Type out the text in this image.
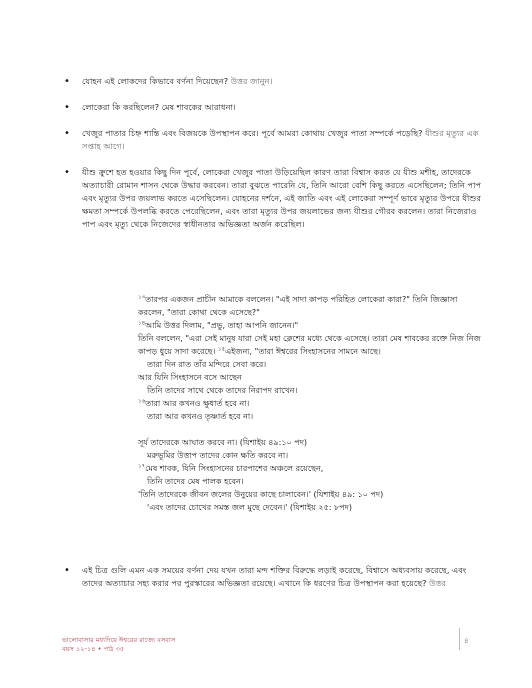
• যোহন এই লোকদের কিভাবে বর্ণনা দিয়েছেন? উত্তর জানুন।
• লোকেরা কি করছিলেন? মেষ শাবকের আরাধনা।
• খেজুর পাতার চিহ্ন শান্তি এবং বিজয়কে উপস্থাপন করে। পূর্বে আমরা কোথায় খেজুর পাতা সম্পর্কে পড়েছি? যীশুর মৃত্যুর এক সপ্তাহ আগে।
• যীশু ক্রুশে হত হওয়ার কিছু দিন পূর্বে, লোকেরা খেজুর পাতা উড়িয়েছিল কারণ তারা বিশ্বাস করত যে যীশু মশীহ, তাদেরকে অত্যাচারী রোমান শাসন থেকে উদ্ধার করবেন। তারা বুঝতে পারেনি যে, তিনি আরো বেশি কিছু করতে এসেছিলেন; তিনি পাপ এবং মৃত্যুর উপর জয়লাভ করতে এসেছিলেন। যোহনের দর্শনে, এই জাতি এবং এই লোকেরা সম্পূর্ণ ভাবে মৃত্যুর উপরে যীশুর ক্ষমতা সম্পর্কে উপলব্ধি করতে পেরেছিলেন, এবং তারা মৃত্যুর উপর জয়লাভের জন্য যীশুর গৌরব করলেন। তারা নিজেরাও পাপ এবং মৃত্যু থেকে নিজেদের স্বাধীনতার অভিজ্ঞতা অর্জন করেছিল।

$^{১৩}$তারপর একজন প্রাচীন আমাকে বললেন। "এই সাদা কাপড় পরিহিত লোকেরা কারা?" তিনি জিজ্ঞাসা করলেন, "তারা কোথা থেকে এসেছে?"

$^{১৪}$আমি উত্তর দিলাম, "প্রভু, তাহা আপনি জানেন।"

তিনি বললেন, "এরা সেই মানুষ যারা সেই মহা ক্লেশের মধ্যে থেকে এসেছে। তারা মেষ শাবকের রক্তে নিজ নিজ কাপড় ধুয়ে সাদা করেছে। $^{১৫}$এইজন্য, "তারা ঈশ্বরের সিংহাসনের সামনে আছে।

তারা দিন রাত তাঁর মন্দিরে সেবা করে।

আর যিনি সিংহাসনে বসে আছেন

তিনি তাদের সাথে থেকে তাদের নিরাপদ রাখেন।

$^{১৬}$তারা আর কখনও ক্ষুধার্ত হবে না।

তারা আর কখনও তৃষ্ণার্ত হবে না।

সূর্য তাদেরকে আঘাত করবে না। (যিশাইয় ৪৯:১০ পদ)

মরুভূমির উত্তাপ তাদের কোন ক্ষতি করবে না।

$^{১৭}$মেষ শাবক, যিনি সিংহাসনের চারপাশের অঞ্চলে রয়েছেন,

তিনি তাদের মেষ পালক হবেন।

'তিনি তাদেরকে জীবন জলের উনুয়ের কাছে চালাবেন।' (যিশাইয় ৪৯: ১০ পদ)

'এবং তাদের চোখের সমস্ত জল মুছে দেবেন।' (যিশাইয় ২৫: ৮পদ)

• এই চিত্র গুলি এমন এক সময়ের বর্ণনা দেয় যখন তারা মন্দ শক্তির বিরুদ্ধে লড়াই করেছে, বিশ্বাসে অধ্যবসায় করেছে, এবং তাদের অত্যাচার সহ্য করার পর পুরস্কারের অভিজ্ঞতা রয়েছে। এখানে কি ধরণের চিত্র উপস্থাপন করা হয়েছে? উত্তর
ভালোবাসার মধ্যদিয়ে ঈশ্বরের রাজ্যে বসবাস
বয়স ১২-১৪ • পাঠ ৩৫
৪
